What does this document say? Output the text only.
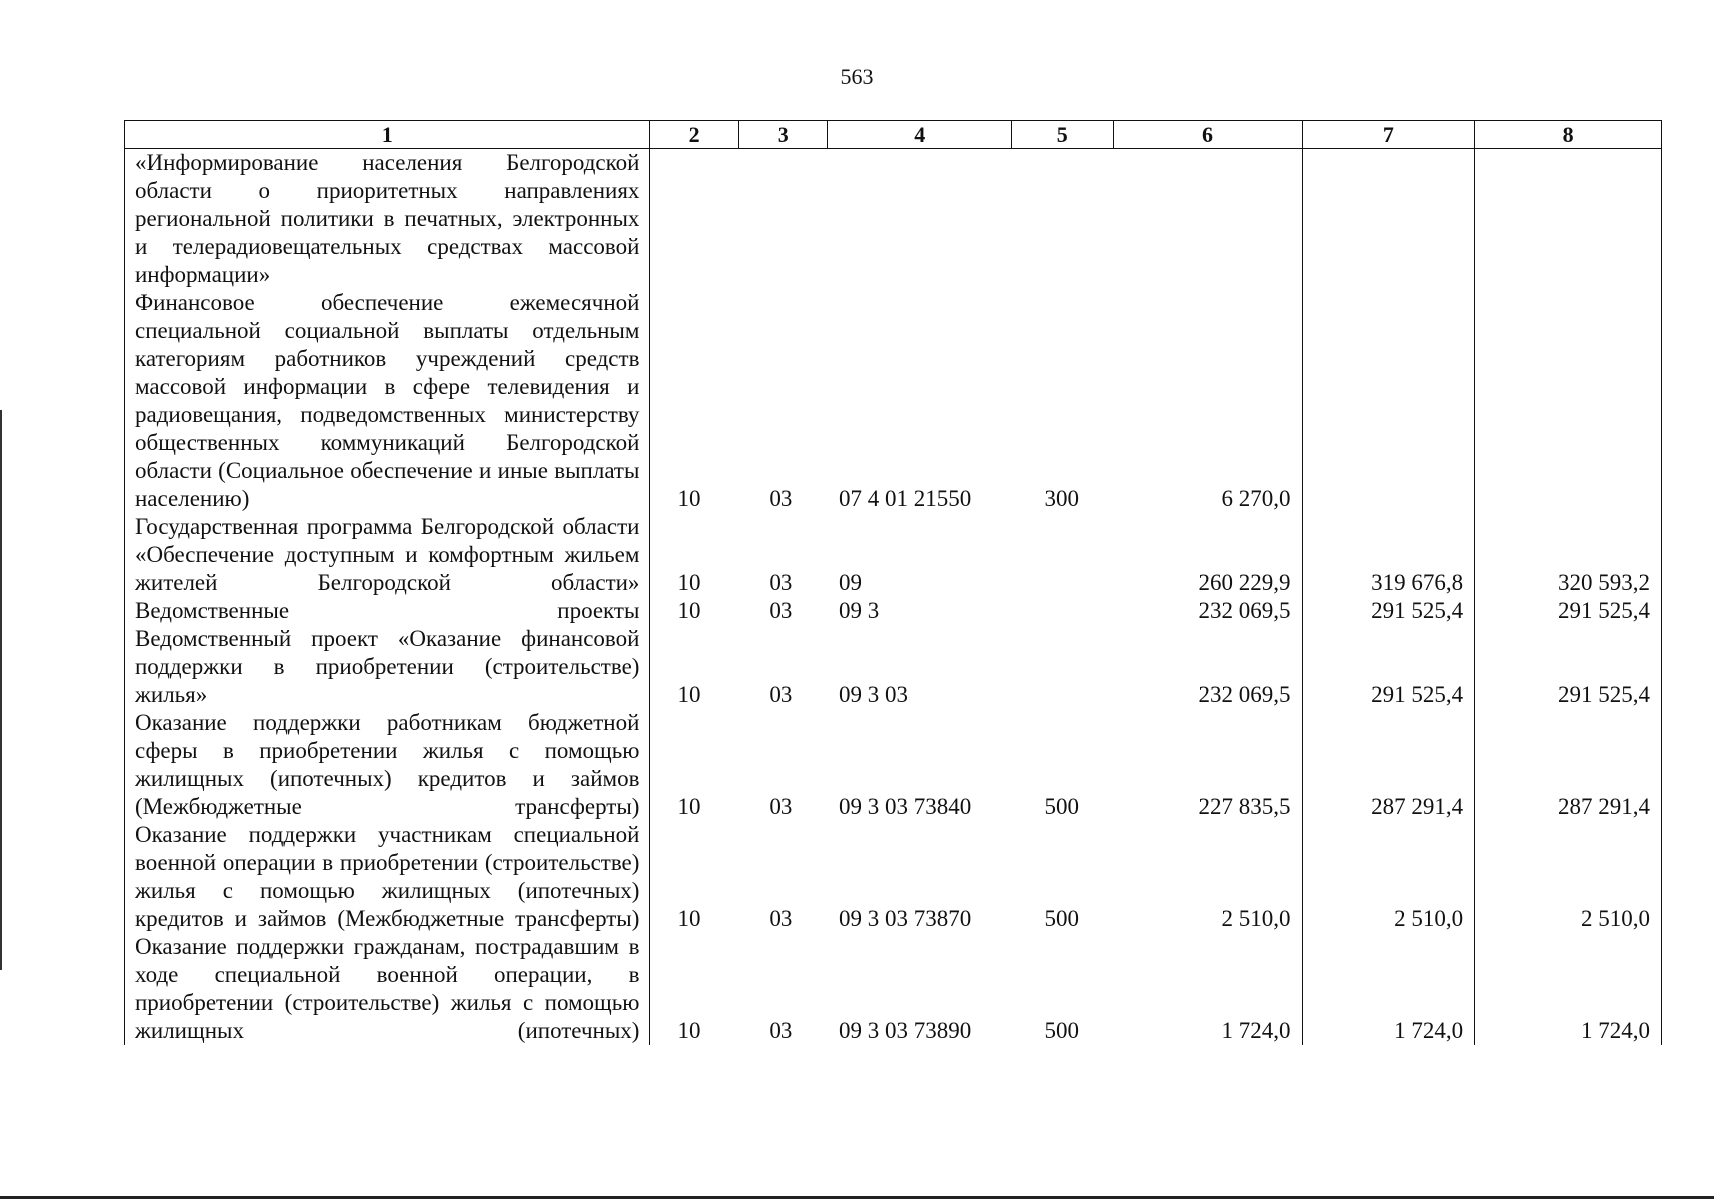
563
1	2	3	4	5	6	7	8
«Информирование населения Белгородской области о приоритетных направлениях региональной политики в печатных, электронных и телерадиовещательных средствах массовой информации»							
Финансовое обеспечение ежемесячной специальной социальной выплаты отдельным категориям работников учреждений средств массовой информации в сфере телевидения и радиовещания, подведомственных министерству общественных коммуникаций Белгородской области (Социальное обеспечение и иные выплаты населению)	10	03	07 4 01 21550	300	6 270,0		
Государственная программа Белгородской области «Обеспечение доступным и комфортным жильем жителей Белгородской области»	10	03	09		260 229,9	319 676,8	320 593,2
Ведомственные проекты	10	03	09 3		232 069,5	291 525,4	291 525,4
Ведомственный проект «Оказание финансовой поддержки в приобретении (строительстве) жилья»	10	03	09 3 03		232 069,5	291 525,4	291 525,4
Оказание поддержки работникам бюджетной сферы в приобретении жилья с помощью жилищных (ипотечных) кредитов и займов (Межбюджетные трансферты)	10	03	09 3 03 73840	500	227 835,5	287 291,4	287 291,4
Оказание поддержки участникам специальной военной операции в приобретении (строительстве) жилья с помощью жилищных (ипотечных) кредитов и займов (Межбюджетные трансферты)	10	03	09 3 03 73870	500	2 510,0	2 510,0	2 510,0
Оказание поддержки гражданам, пострадавшим в ходе специальной военной операции, в приобретении (строительстве) жилья с помощью жилищных (ипотечных)	10	03	09 3 03 73890	500	1 724,0	1 724,0	1 724,0
